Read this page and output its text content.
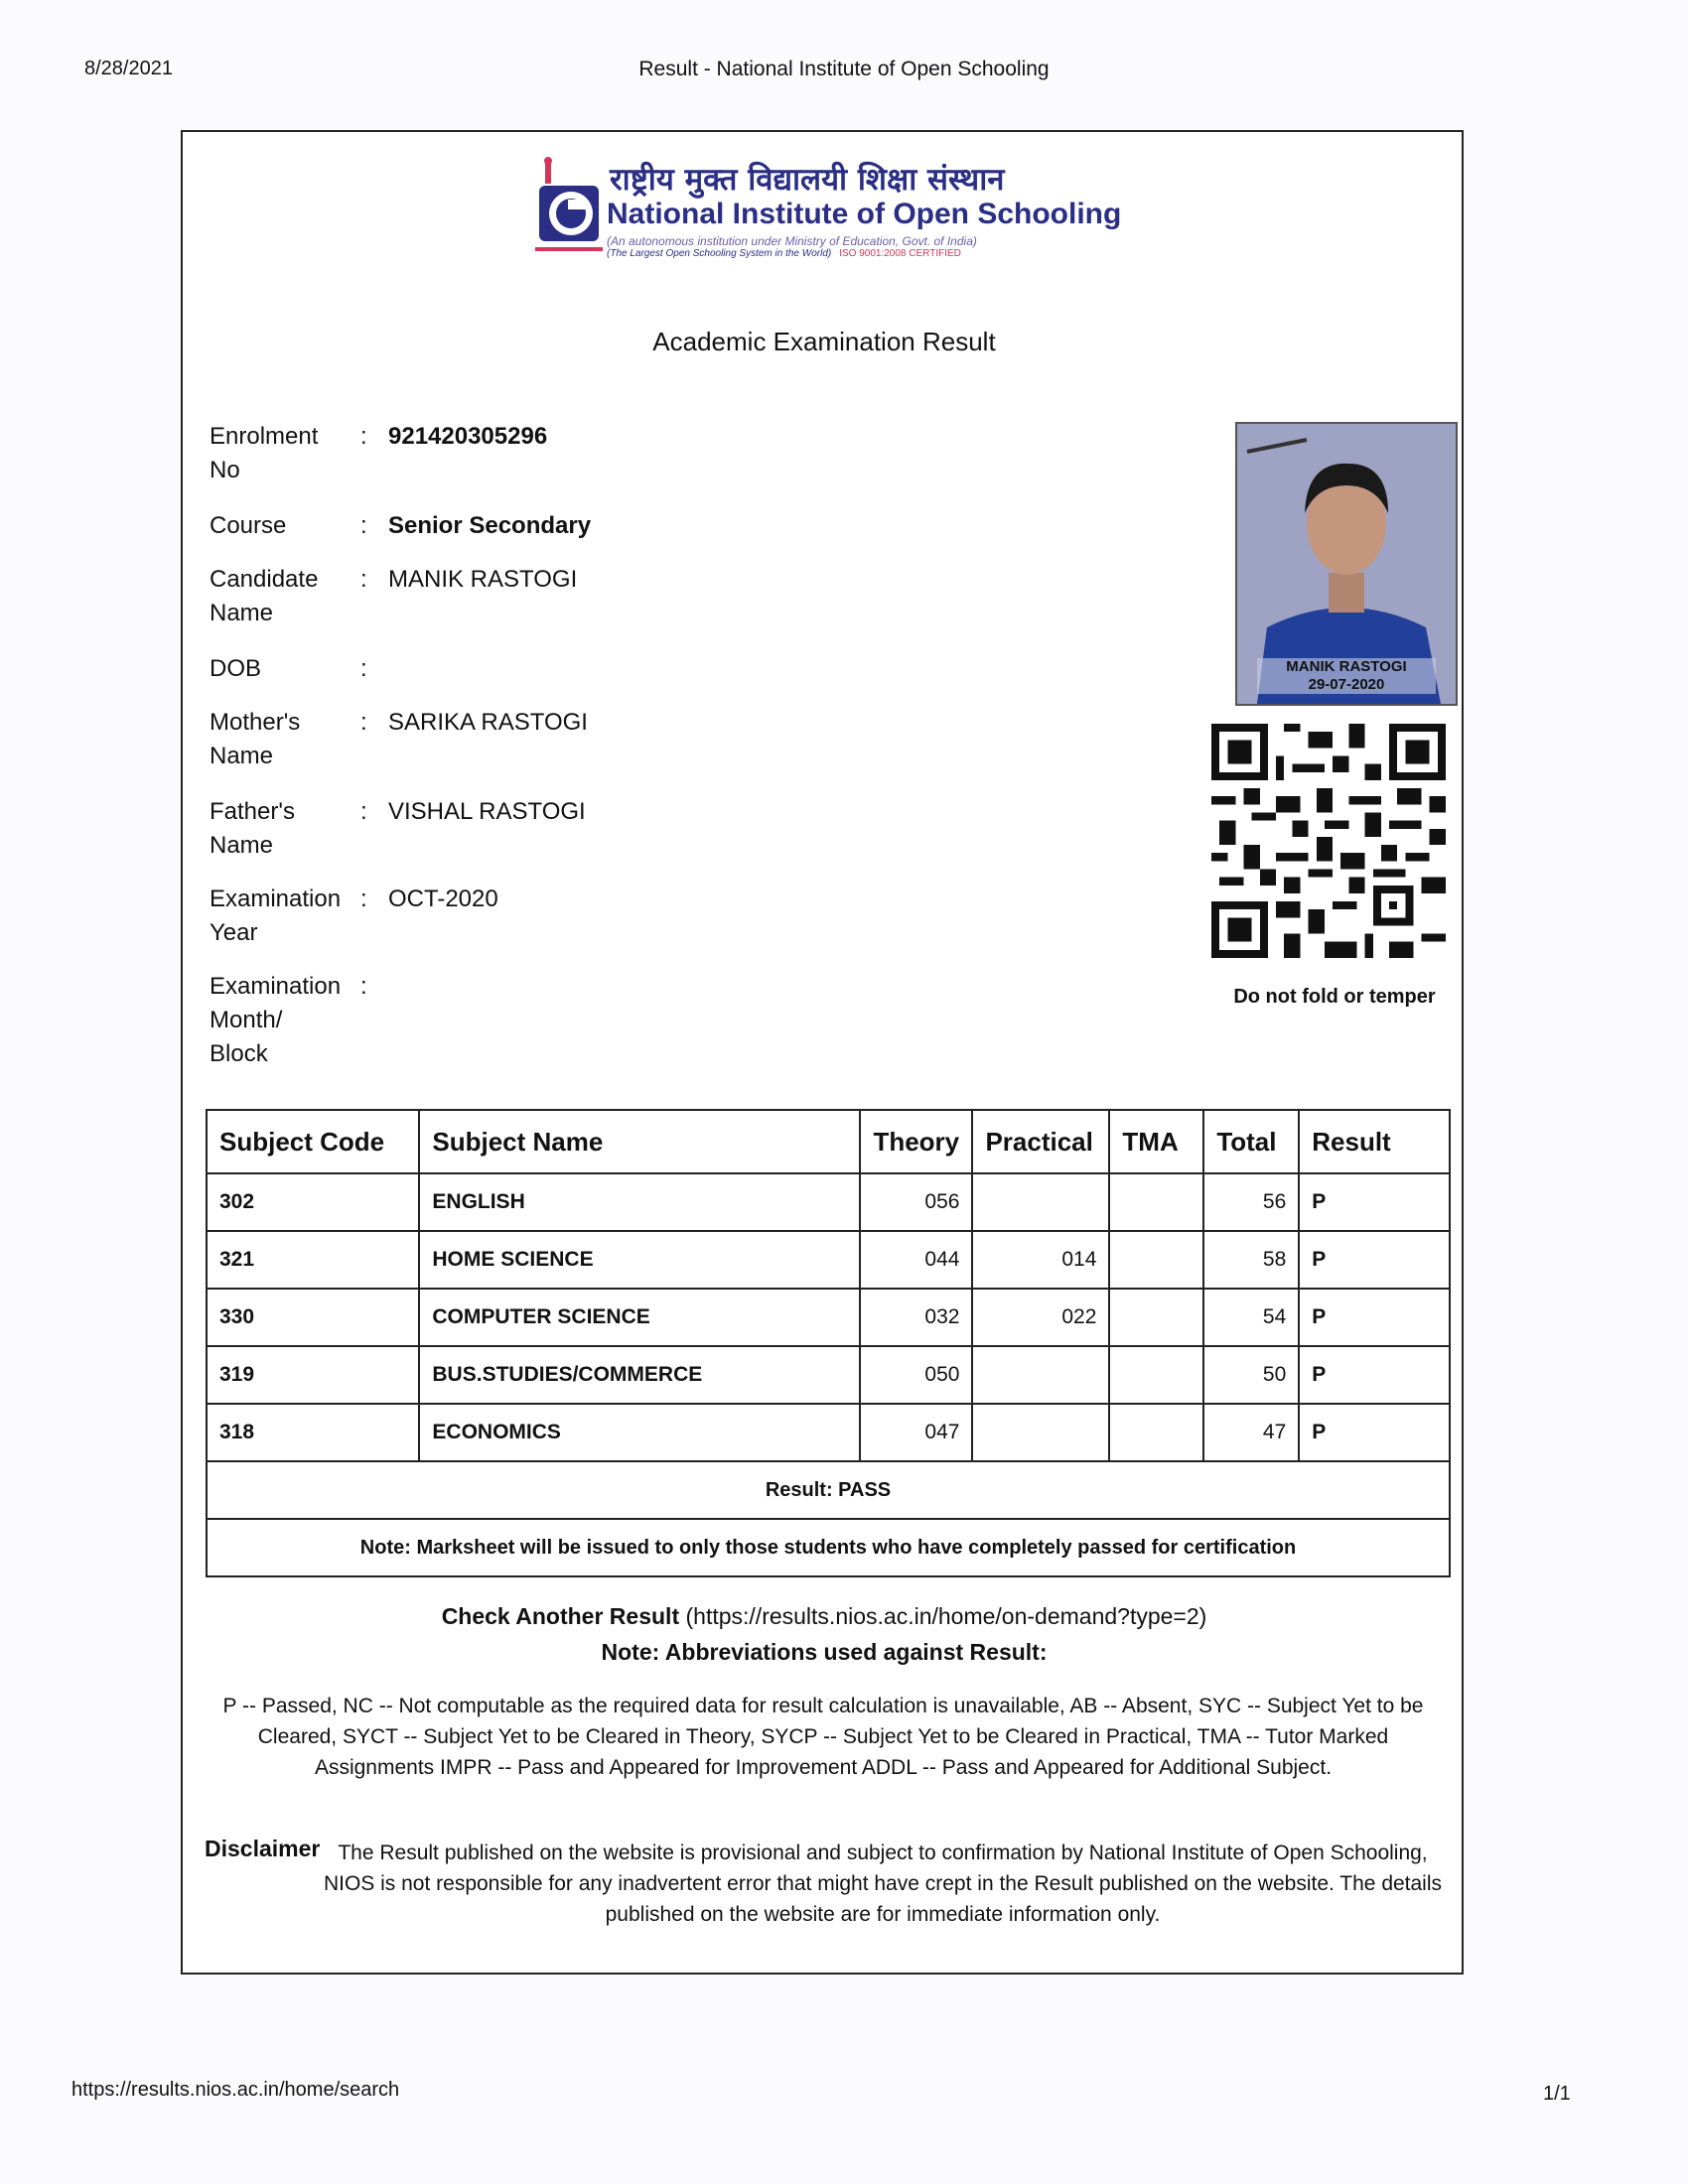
8/28/2021	Result - National Institute of Open Schooling
राष्ट्रीय मुक्त विद्यालयी शिक्षा संस्थान
National Institute of Open Schooling
(An autonomous institution under Ministry of Education, Govt. of India)
(The Largest Open Schooling System in the World) ISO 9001:2008 CERTIFIED
Academic Examination Result
Enrolment No
: 921420305296
Course	: Senior Secondary
Candidate Name
: MANIK RASTOGI
DOB	:
Mother's Name
: SARIKA RASTOGI
Father's Name
: VISHAL RASTOGI
Examination Year
: OCT-2020
Examination Month/ Block
:
MANIK RASTOGI
29-07-2020
Do not fold or temper
Subject Code	Subject Name	Theory	Practical	TMA	Total	Result
302	ENGLISH	056			56	P
321	HOME SCIENCE	044	014		58	P
330	COMPUTER SCIENCE	032	022		54	P
319	BUS.STUDIES/COMMERCE	050			50	P
318	ECONOMICS	047			47	P
Result: PASS						
Note: Marksheet will be issued to only those students who have completely passed for certification						
Check Another Result (https://results.nios.ac.in/home/on-demand?type=2)
Note: Abbreviations used against Result:
P -- Passed, NC -- Not computable as the required data for result calculation is unavailable, AB -- Absent, SYC -- Subject Yet to be Cleared, SYCT -- Subject Yet to be Cleared in Theory, SYCP -- Subject Yet to be Cleared in Practical, TMA -- Tutor Marked Assignments IMPR -- Pass and Appeared for Improvement ADDL -- Pass and Appeared for Additional Subject.
Disclaimer The Result published on the website is provisional and subject to confirmation by National Institute of Open Schooling, NIOS is not responsible for any inadvertent error that might have crept in the Result published on the website. The details published on the website are for immediate information only.
https://results.nios.ac.in/home/search	1/1
